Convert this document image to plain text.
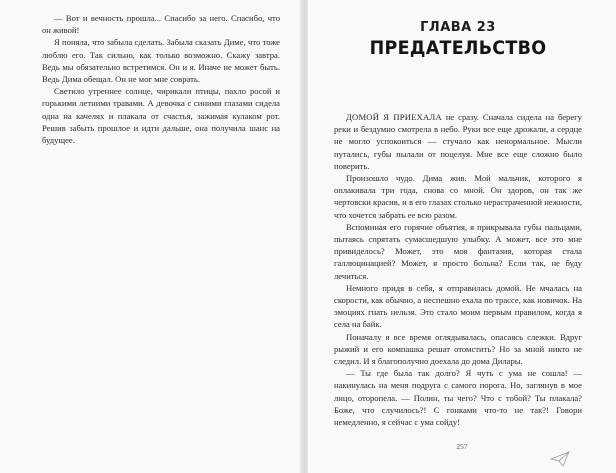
— Вот и вечность прошла... Спасибо за него. Спасибо, что он живой!

Я поняла, что забыла сделать. Забыла сказать Диме, что тоже люблю его. Так сильно, как только возможно. Скажу завтра. Ведь мы обязательно встретимся. Он и я. Иначе не может быть. Ведь Дима обещал. Он не мог мне соврать.

Светило утреннее солнце, чирикали птицы, пахло росой и горькими летними травами. А девочка с синими глазами сидела одна на качелях и плакала от счастья, зажимая кулаком рот. Решив забыть прошлое и идти дальше, она получила шанс на будущее.

ГЛАВА 23
ПРЕДАТЕЛЬСТВО

ДОМОЙ Я ПРИЕХАЛА не сразу. Сначала сидела на берегу реки и бездумно смотрела в небо. Руки все еще дрожали, а сердце не могло успокоиться — стучало как ненормальное. Мысли путались, губы пылали от поцелуя. Мне все еще сложно было поверить.

Произошло чудо. Дима жив. Мой мальчик, которого я оплакивала три года, снова со мной. Он здоров, он так же чертовски красив, и в его глазах столько нерастраченной нежности, что хочется забрать ее всю разом.

Вспоминая его горячие объятия, я прикрывала губы пальцами, пытаясь спрятать сумасшедшую улыбку. А может, все это мне привиделось? Может, это моя фантазия, которая стала галлюцинацией? Может, я просто больна? Если так, не буду лечиться.

Немного придя в себя, я отправилась домой. Не мчалась на скорости, как обычно, а неспешно ехала по трассе, как новичок. На эмоциях гнать нельзя. Это стало моим первым правилом, когда я села на байк.

Поначалу я все время оглядывалась, опасаясь слежки. Вдруг рыжий и его компашка решат отомстить? Но за мной никто не следил. И я благополучно доехала до дома Дилары.

— Ты где была так долго? Я чуть с ума не сошла! — накинулась на меня подруга с самого порога. Но, заглянув в мое лицо, оторопела. — Полин, ты чего? Что с тобой? Ты плакала? Боже, что случилось?! С гонками что-то не так?! Говори немедленно, я сейчас с ума сойду!

257
